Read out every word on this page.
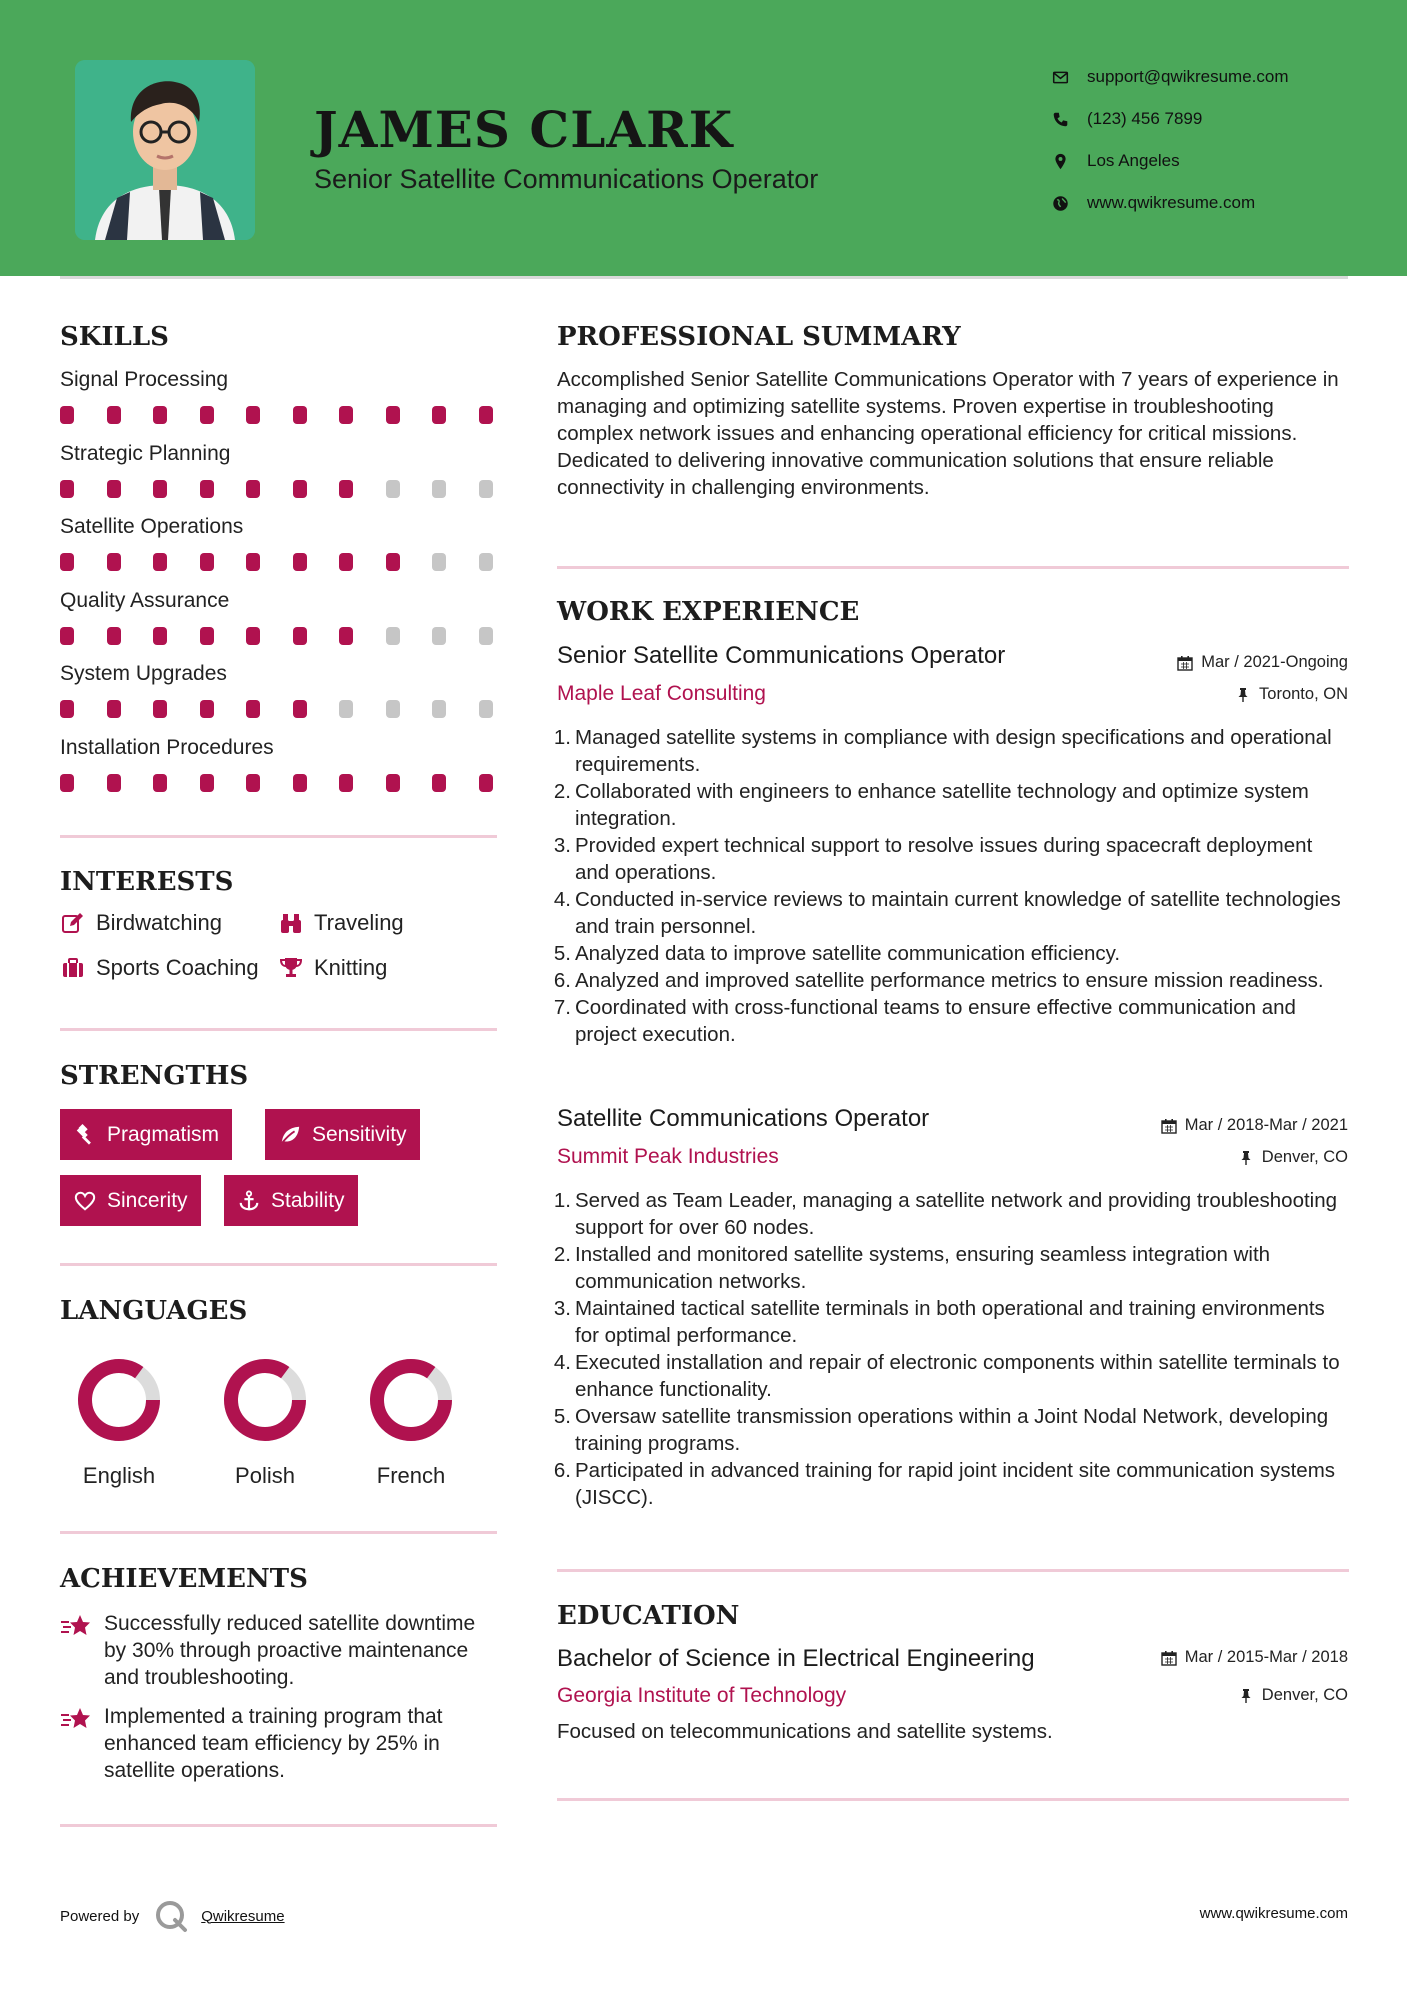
JAMES CLARK
Senior Satellite Communications Operator
support@qwikresume.com
(123) 456 7899
Los Angeles
www.qwikresume.com
SKILLS
Signal Processing
Strategic Planning
Satellite Operations
Quality Assurance
System Upgrades
Installation Procedures
INTERESTS
Birdwatching	Traveling
Sports Coaching	Knitting
STRENGTHS
Pragmatism	Sensitivity
Sincerity	Stability
LANGUAGES
English	Polish	French
ACHIEVEMENTS
Successfully reduced satellite downtime by 30% through proactive maintenance and troubleshooting.
Implemented a training program that enhanced team efficiency by 25% in satellite operations.
PROFESSIONAL SUMMARY
Accomplished Senior Satellite Communications Operator with 7 years of experience in managing and optimizing satellite systems. Proven expertise in troubleshooting complex network issues and enhancing operational efficiency for critical missions. Dedicated to delivering innovative communication solutions that ensure reliable connectivity in challenging environments.
WORK EXPERIENCE
Senior Satellite Communications Operator	Mar / 2021-Ongoing
Maple Leaf Consulting	Toronto, ON
1. Managed satellite systems in compliance with design specifications and operational requirements.
2. Collaborated with engineers to enhance satellite technology and optimize system integration.
3. Provided expert technical support to resolve issues during spacecraft deployment and operations.
4. Conducted in-service reviews to maintain current knowledge of satellite technologies and train personnel.
5. Analyzed data to improve satellite communication efficiency.
6. Analyzed and improved satellite performance metrics to ensure mission readiness.
7. Coordinated with cross-functional teams to ensure effective communication and project execution.
Satellite Communications Operator	Mar / 2018-Mar / 2021
Summit Peak Industries	Denver, CO
1. Served as Team Leader, managing a satellite network and providing troubleshooting support for over 60 nodes.
2. Installed and monitored satellite systems, ensuring seamless integration with communication networks.
3. Maintained tactical satellite terminals in both operational and training environments for optimal performance.
4. Executed installation and repair of electronic components within satellite terminals to enhance functionality.
5. Oversaw satellite transmission operations within a Joint Nodal Network, developing training programs.
6. Participated in advanced training for rapid joint incident site communication systems (JISCC).
EDUCATION
Bachelor of Science in Electrical Engineering	Mar / 2015-Mar / 2018
Georgia Institute of Technology	Denver, CO
Focused on telecommunications and satellite systems.
Powered by	Qwikresume	www.qwikresume.com
